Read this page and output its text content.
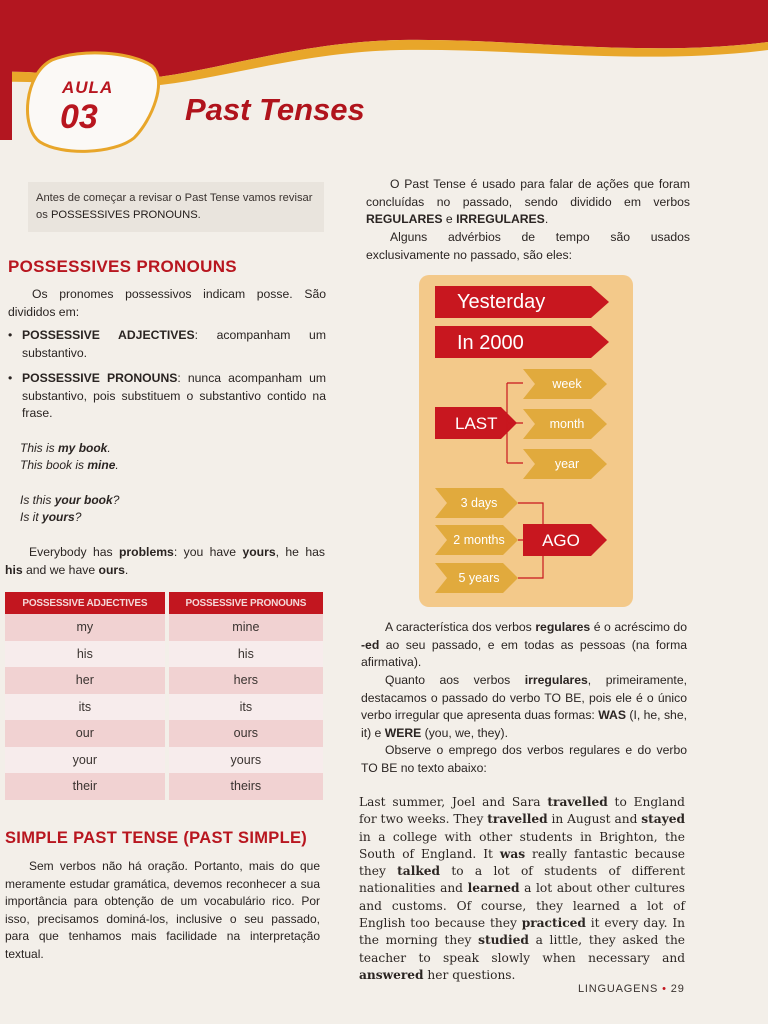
AULA
03	Past Tenses
Antes de começar a revisar o Past Tense vamos revisar os POSSESSIVES PRONOUNS.
POSSESSIVES PRONOUNS
Os pronomes possessivos indicam posse. São divididos em:
• POSSESSIVE ADJECTIVES: acompanham um substantivo.
• POSSESSIVE PRONOUNS: nunca acompanham um substantivo, pois substituem o substantivo contido na frase.
This is my book.
This book is mine.
Is this your book?
Is it yours?
Everybody has problems: you have yours, he has his and we have ours.
POSSESSIVE ADJECTIVES	POSSESSIVE PRONOUNS
my	mine
his	his
her	hers
its	its
our	ours
your	yours
their	theirs
SIMPLE PAST TENSE (PAST SIMPLE)
Sem verbos não há oração. Portanto, mais do que meramente estudar gramática, devemos reconhecer a sua importância para obtenção de um vocabulário rico. Por isso, precisamos dominá-los, inclusive o seu passado, para que tenhamos mais facilidade na interpretação textual.
O Past Tense é usado para falar de ações que foram concluídas no passado, sendo dividido em verbos REGULARES e IRREGULARES.
Alguns advérbios de tempo são usados exclusivamente no passado, são eles:
Yesterday
In 2000
LAST
week
month
year
3 days
2 months
5 years
AGO
A característica dos verbos regulares é o acréscimo do -ed ao seu passado, e em todas as pessoas (na forma afirmativa).
Quanto aos verbos irregulares, primeiramente, destacamos o passado do verbo TO BE, pois ele é o único verbo irregular que apresenta duas formas: WAS (I, he, she, it) e WERE (you, we, they).
Observe o emprego dos verbos regulares e do verbo TO BE no texto abaixo:
Last summer, Joel and Sara travelled to England for two weeks. They travelled in August and stayed in a college with other students in Brighton, the South of England. It was really fantastic because they talked to a lot of students of different nationalities and learned a lot about other cultures and customs. Of course, they learned a lot of English too because they practiced it every day. In the morning they studied a little, they asked the teacher to speak slowly when necessary and answered her questions.
LINGUAGENS • 29
